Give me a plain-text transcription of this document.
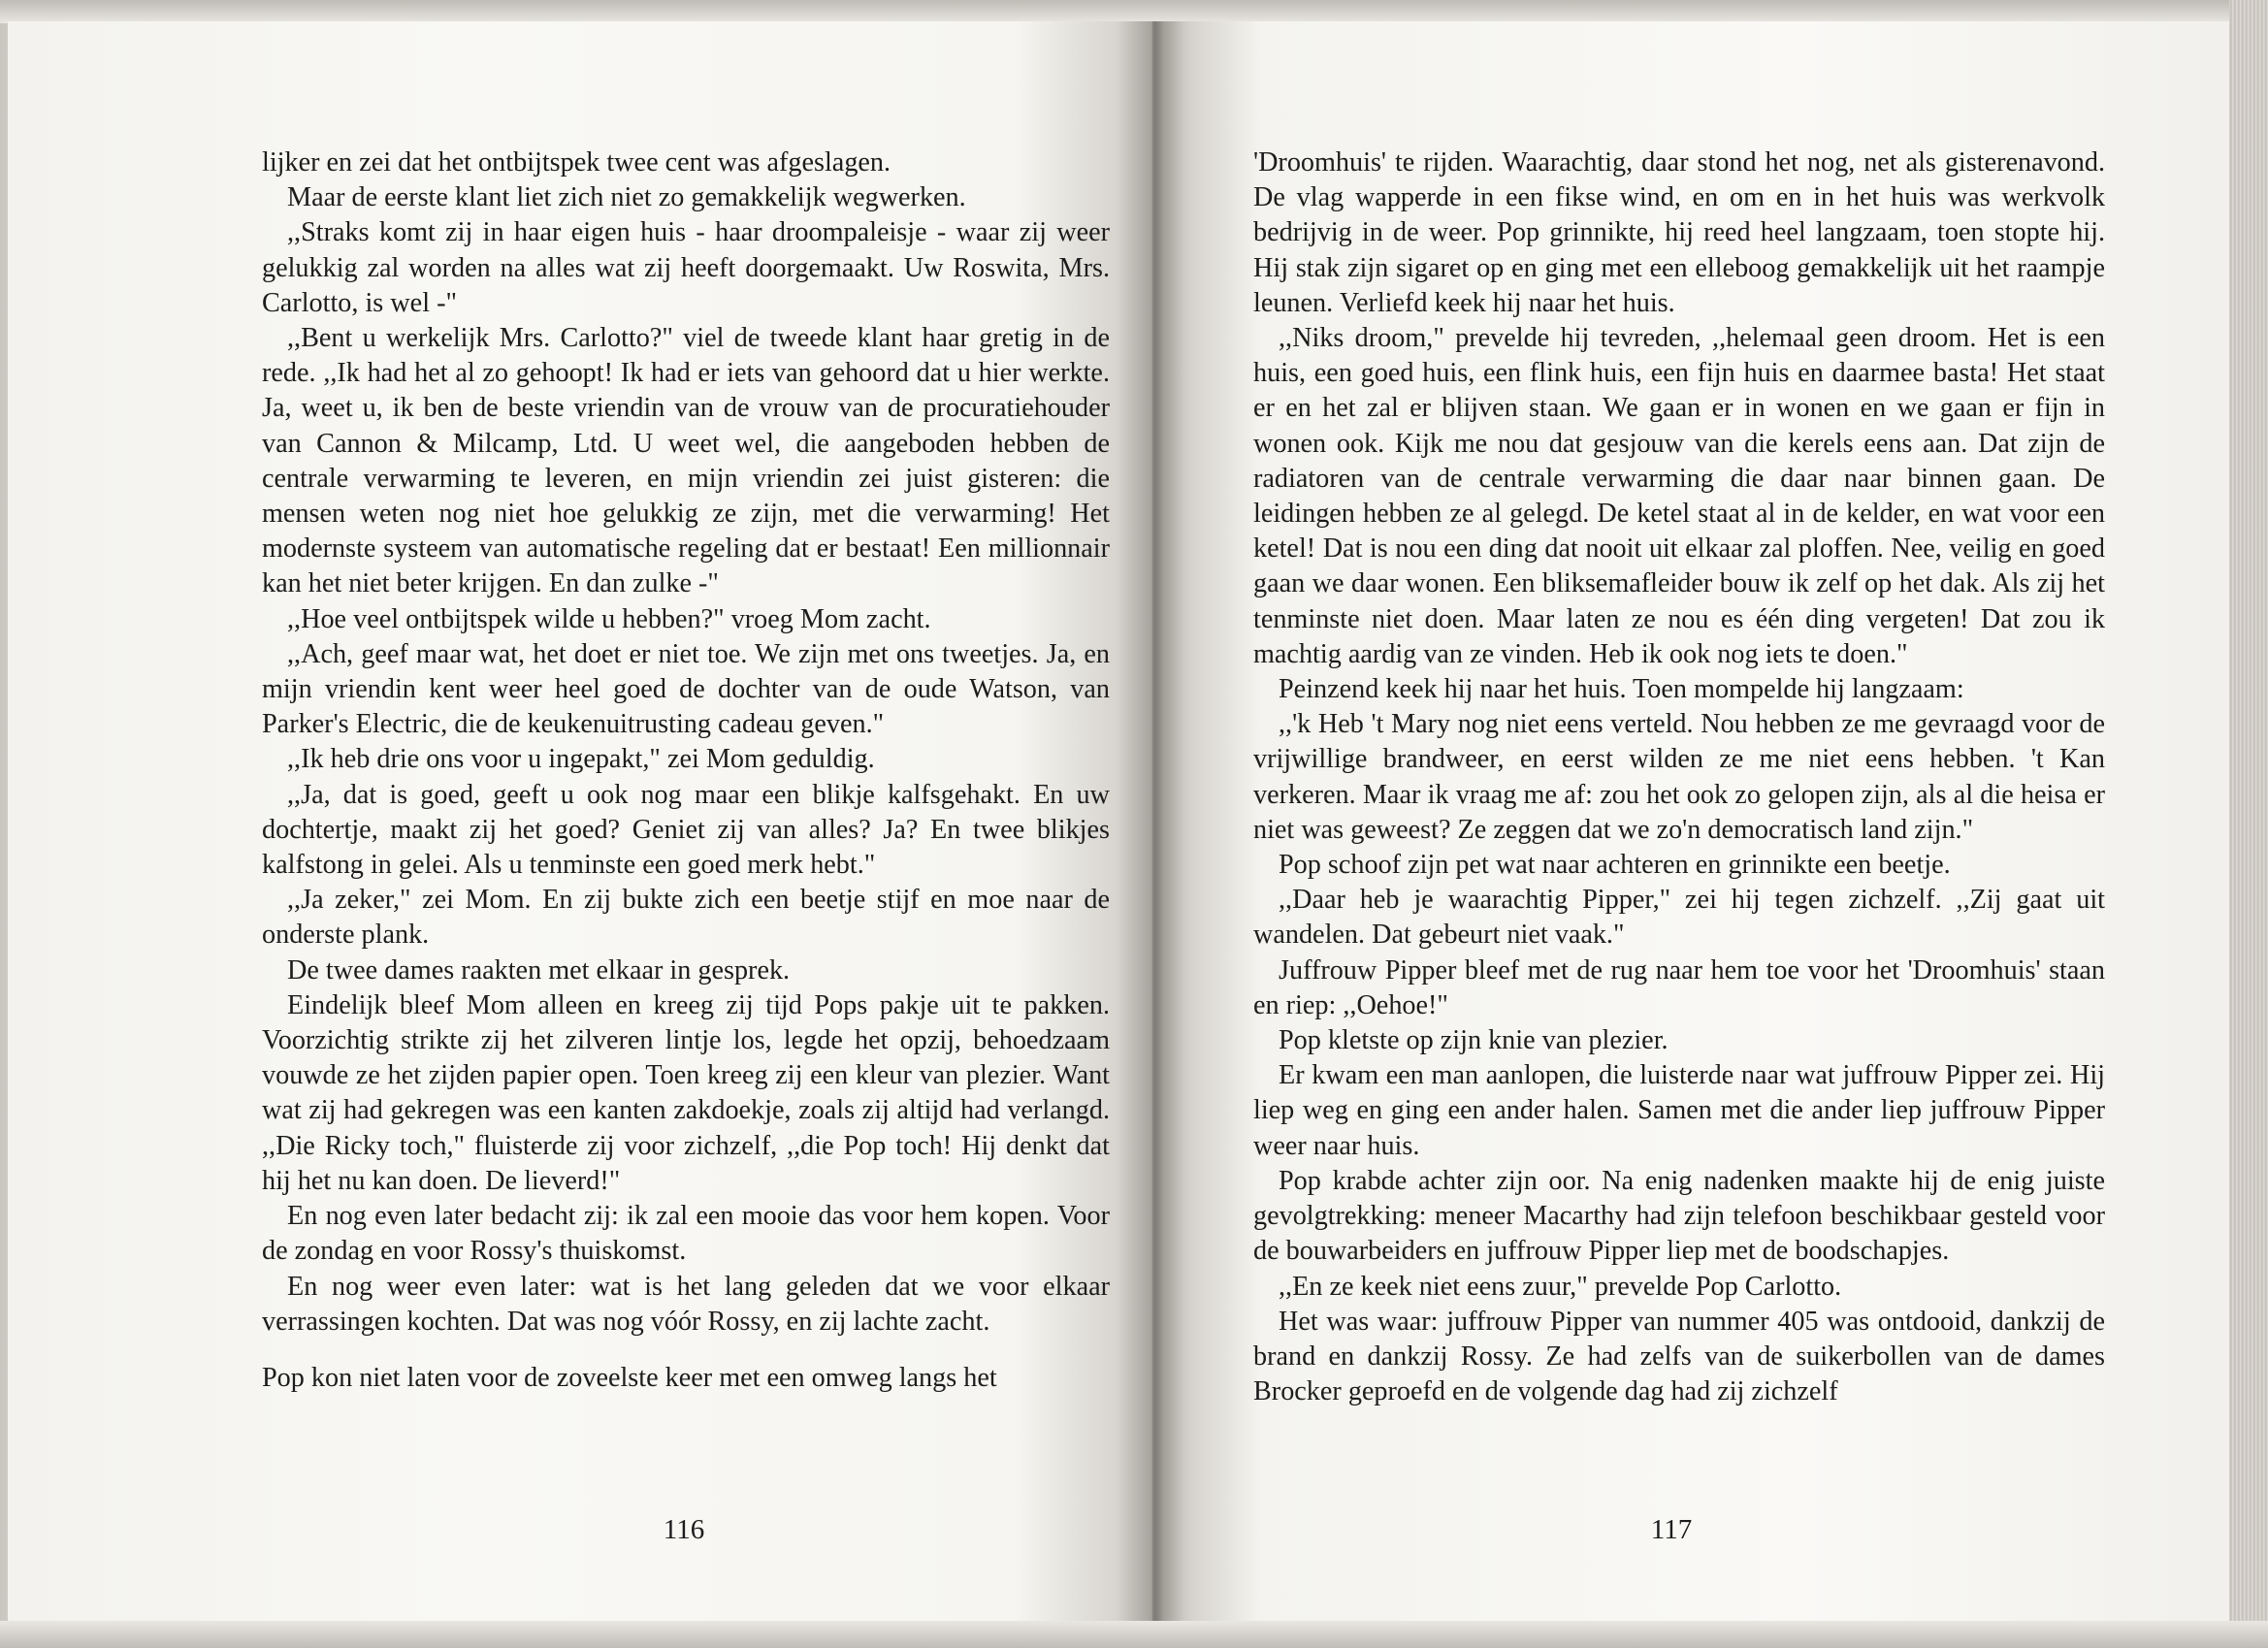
lijker en zei dat het ontbijtspek twee cent was afgeslagen.

Maar de eerste klant liet zich niet zo gemakkelijk wegwerken.

,,Straks komt zij in haar eigen huis - haar droompaleisje - waar zij weer gelukkig zal worden na alles wat zij heeft doorgemaakt. Uw Roswita, Mrs. Carlotto, is wel -"

,,Bent u werkelijk Mrs. Carlotto?" viel de tweede klant haar gretig in de rede. ,,Ik had het al zo gehoopt! Ik had er iets van gehoord dat u hier werkte. Ja, weet u, ik ben de beste vriendin van de vrouw van de procuratiehouder van Cannon & Milcamp, Ltd. U weet wel, die aangeboden hebben de centrale verwarming te leveren, en mijn vriendin zei juist gisteren: die mensen weten nog niet hoe gelukkig ze zijn, met die verwarming! Het modernste systeem van automatische regeling dat er bestaat! Een millionnair kan het niet beter krijgen. En dan zulke -"

,,Hoe veel ontbijtspek wilde u hebben?" vroeg Mom zacht.

,,Ach, geef maar wat, het doet er niet toe. We zijn met ons tweetjes. Ja, en mijn vriendin kent weer heel goed de dochter van de oude Watson, van Parker's Electric, die de keukenuitrusting cadeau geven."

,,Ik heb drie ons voor u ingepakt," zei Mom geduldig.

,,Ja, dat is goed, geeft u ook nog maar een blikje kalfsgehakt. En uw dochtertje, maakt zij het goed? Geniet zij van alles? Ja? En twee blikjes kalfstong in gelei. Als u tenminste een goed merk hebt."

,,Ja zeker," zei Mom. En zij bukte zich een beetje stijf en moe naar de onderste plank.

De twee dames raakten met elkaar in gesprek.

Eindelijk bleef Mom alleen en kreeg zij tijd Pops pakje uit te pakken. Voorzichtig strikte zij het zilveren lintje los, legde het opzij, behoedzaam vouwde ze het zijden papier open. Toen kreeg zij een kleur van plezier. Want wat zij had gekregen was een kanten zakdoekje, zoals zij altijd had verlangd. ,,Die Ricky toch," fluisterde zij voor zichzelf, ,,die Pop toch! Hij denkt dat hij het nu kan doen. De lieverd!"

En nog even later bedacht zij: ik zal een mooie das voor hem kopen. Voor de zondag en voor Rossy's thuiskomst.

En nog weer even later: wat is het lang geleden dat we voor elkaar verrassingen kochten. Dat was nog vóór Rossy, en zij lachte zacht.

Pop kon niet laten voor de zoveelste keer met een omweg langs het

'Droomhuis' te rijden. Waarachtig, daar stond het nog, net als gisterenavond. De vlag wapperde in een fikse wind, en om en in het huis was werkvolk bedrijvig in de weer. Pop grinnikte, hij reed heel langzaam, toen stopte hij. Hij stak zijn sigaret op en ging met een elleboog gemakkelijk uit het raampje leunen. Verliefd keek hij naar het huis.

,,Niks droom," prevelde hij tevreden, ,,helemaal geen droom. Het is een huis, een goed huis, een flink huis, een fijn huis en daarmee basta! Het staat er en het zal er blijven staan. We gaan er in wonen en we gaan er fijn in wonen ook. Kijk me nou dat gesjouw van die kerels eens aan. Dat zijn de radiatoren van de centrale verwarming die daar naar binnen gaan. De leidingen hebben ze al gelegd. De ketel staat al in de kelder, en wat voor een ketel! Dat is nou een ding dat nooit uit elkaar zal ploffen. Nee, veilig en goed gaan we daar wonen. Een bliksemafleider bouw ik zelf op het dak. Als zij het tenminste niet doen. Maar laten ze nou es één ding vergeten! Dat zou ik machtig aardig van ze vinden. Heb ik ook nog iets te doen."

Peinzend keek hij naar het huis. Toen mompelde hij langzaam:

,,'k Heb 't Mary nog niet eens verteld. Nou hebben ze me gevraagd voor de vrijwillige brandweer, en eerst wilden ze me niet eens hebben. 't Kan verkeren. Maar ik vraag me af: zou het ook zo gelopen zijn, als al die heisa er niet was geweest? Ze zeggen dat we zo'n democratisch land zijn."

Pop schoof zijn pet wat naar achteren en grinnikte een beetje.

,,Daar heb je waarachtig Pipper," zei hij tegen zichzelf. ,,Zij gaat uit wandelen. Dat gebeurt niet vaak."

Juffrouw Pipper bleef met de rug naar hem toe voor het 'Droomhuis' staan en riep: ,,Oehoe!"

Pop kletste op zijn knie van plezier.

Er kwam een man aanlopen, die luisterde naar wat juffrouw Pipper zei. Hij liep weg en ging een ander halen. Samen met die ander liep juffrouw Pipper weer naar huis.

Pop krabde achter zijn oor. Na enig nadenken maakte hij de enig juiste gevolgtrekking: meneer Macarthy had zijn telefoon beschikbaar gesteld voor de bouwarbeiders en juffrouw Pipper liep met de boodschapjes.

,,En ze keek niet eens zuur," prevelde Pop Carlotto.

Het was waar: juffrouw Pipper van nummer 405 was ontdooid, dankzij de brand en dankzij Rossy. Ze had zelfs van de suikerbollen van de dames Brocker geproefd en de volgende dag had zij zichzelf

116	117
